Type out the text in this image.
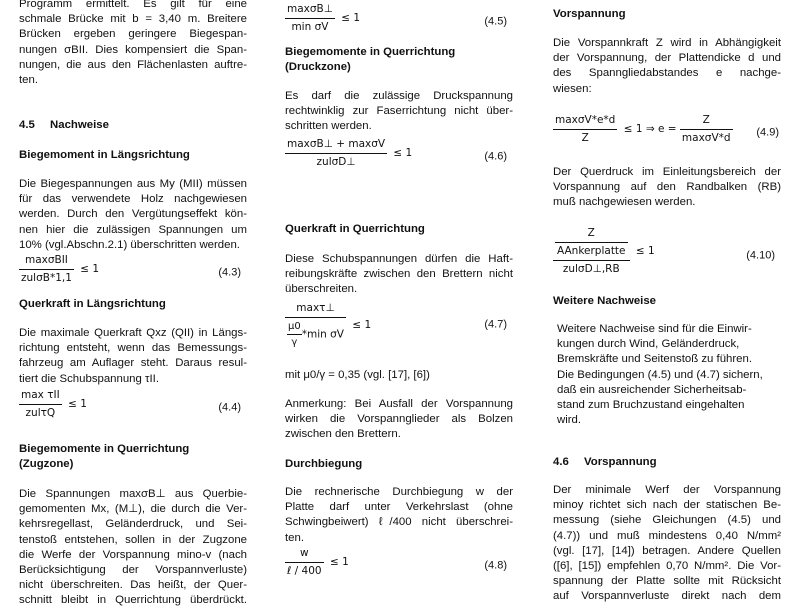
Programm ermittelt. Es gilt für eine
schmale Brücke mit b = 3,40 m. Breitere
Brücken ergeben geringere Biegespan-
nungen σBII. Dies kompensiert die Span-
nungen, die aus den Flächenlasten auftre-
ten.
4.5 Nachweise
Biegemoment in Längsrichtung
Die Biegespannungen aus My (MII) müssen
für das verwendete Holz nachgewiesen
werden. Durch den Vergütungseffekt kön-
nen hier die zulässigen Spannungen um
10% (vgl.Abschn.2.1) überschritten werden.
$\frac{\text{maxσBII}}{\text{zulσB*1,1}} \le 1$	(4.3)
Querkraft in Längsrichtung
Die maximale Querkraft Qxz (QII) in Längs-
richtung entsteht, wenn das Bemessungs-
fahrzeug am Auflager steht. Daraus resul-
tiert die Schubspannung τII.
$\frac{\text{max τII}}{\text{zulτQ}} \le 1$	(4.4)
Biegemomente in Querrichtung
(Zugzone)
Die Spannungen maxσB⊥ aus Querbie-
gemomenten Mx, (M⊥), die durch die Ver-
kehrsregellast, Geländerdruck, und Sei-
tenstoß entstehen, sollen in der Zugzone
die Werfe der Vorspannung mino-v (nach
Berücksichtigung der Vorspannverluste)
nicht überschreiten. Das heißt, der Quer-
schnitt bleibt in Querrichtung überdrückt.
$\frac{\max\sigma B\perp}{\text{min σV}} \le 1$	(4.5)
Biegemomente in Querrichtung
(Druckzone)
Es darf die zulässige Druckspannung
rechtwinklig zur Faserrichtung nicht über-
schritten werden.
$\frac{\max\sigma B\perp + \max\sigma V}{\text{zulσD⊥}} \le 1$	(4.6)
Querkraft in Querrichtung
Diese Schubspannungen dürfen die Haft-
reibungskräfte zwischen den Brettern nicht
überschreiten.
$\frac{\max\tau\perp}{\frac{\mu 0}{\gamma} *\min \sigma V} \le 1$	(4.7)
mit μ0/γ = 0,35 (vgl. [17], [6])
Anmerkung: Bei Ausfall der Vorspannung
wirken die Vorspannglieder als Bolzen
zwischen den Brettern.
Durchbiegung
Die rechnerische Durchbiegung w der
Platte darf unter Verkehrslast (ohne
Schwingbeiwert) ℓ/400 nicht überschrei-
ten.
$\frac{w}{\text{ℓ / 400}} \le 1$	(4.8)
Vorspannung
Die Vorspannkraft Z wird in Abhängigkeit
der Vorspannung, der Plattendicke d und
des Spanngliedabstandes e nachge-
wiesen:
$\frac{\max\sigma V*e*d}{Z} \le 1$ ⇒ $e = \frac{Z}{\max\sigma V*d} (4.9)$
Der Querdruck im Einleitungsbereich der
Vorspannung auf den Randbalken (RB)
muß nachgewiesen werden.
$\frac{\frac{Z}{\text{AAnkerplatte}}}{\text{zulσD⊥,RB}} \le 1$	(4.10)
Weitere Nachweise
Weitere Nachweise sind für die Einwir-
kungen durch Wind, Geländerdruck,
Bremskräfte und Seitenstoß zu führen.
Die Bedingungen (4.5) und (4.7) sichern,
daß ein ausreichender Sicherheitsab-
stand zum Bruchzustand eingehalten
wird.
4.6 Vorspannung
Der minimale Werf der Vorspannung
minoy richtet sich nach der statischen Be-
messung (siehe Gleichungen (4.5) und
(4.7)) und muß mindestens 0,40 N/mm²
(vgl. [17], [14]) betragen. Andere Quellen
([6], [15]) empfehlen 0,70 N/mm². Die Vor-
spannung der Platte sollte mit Rücksicht
auf Vorspannverluste direkt nach dem
